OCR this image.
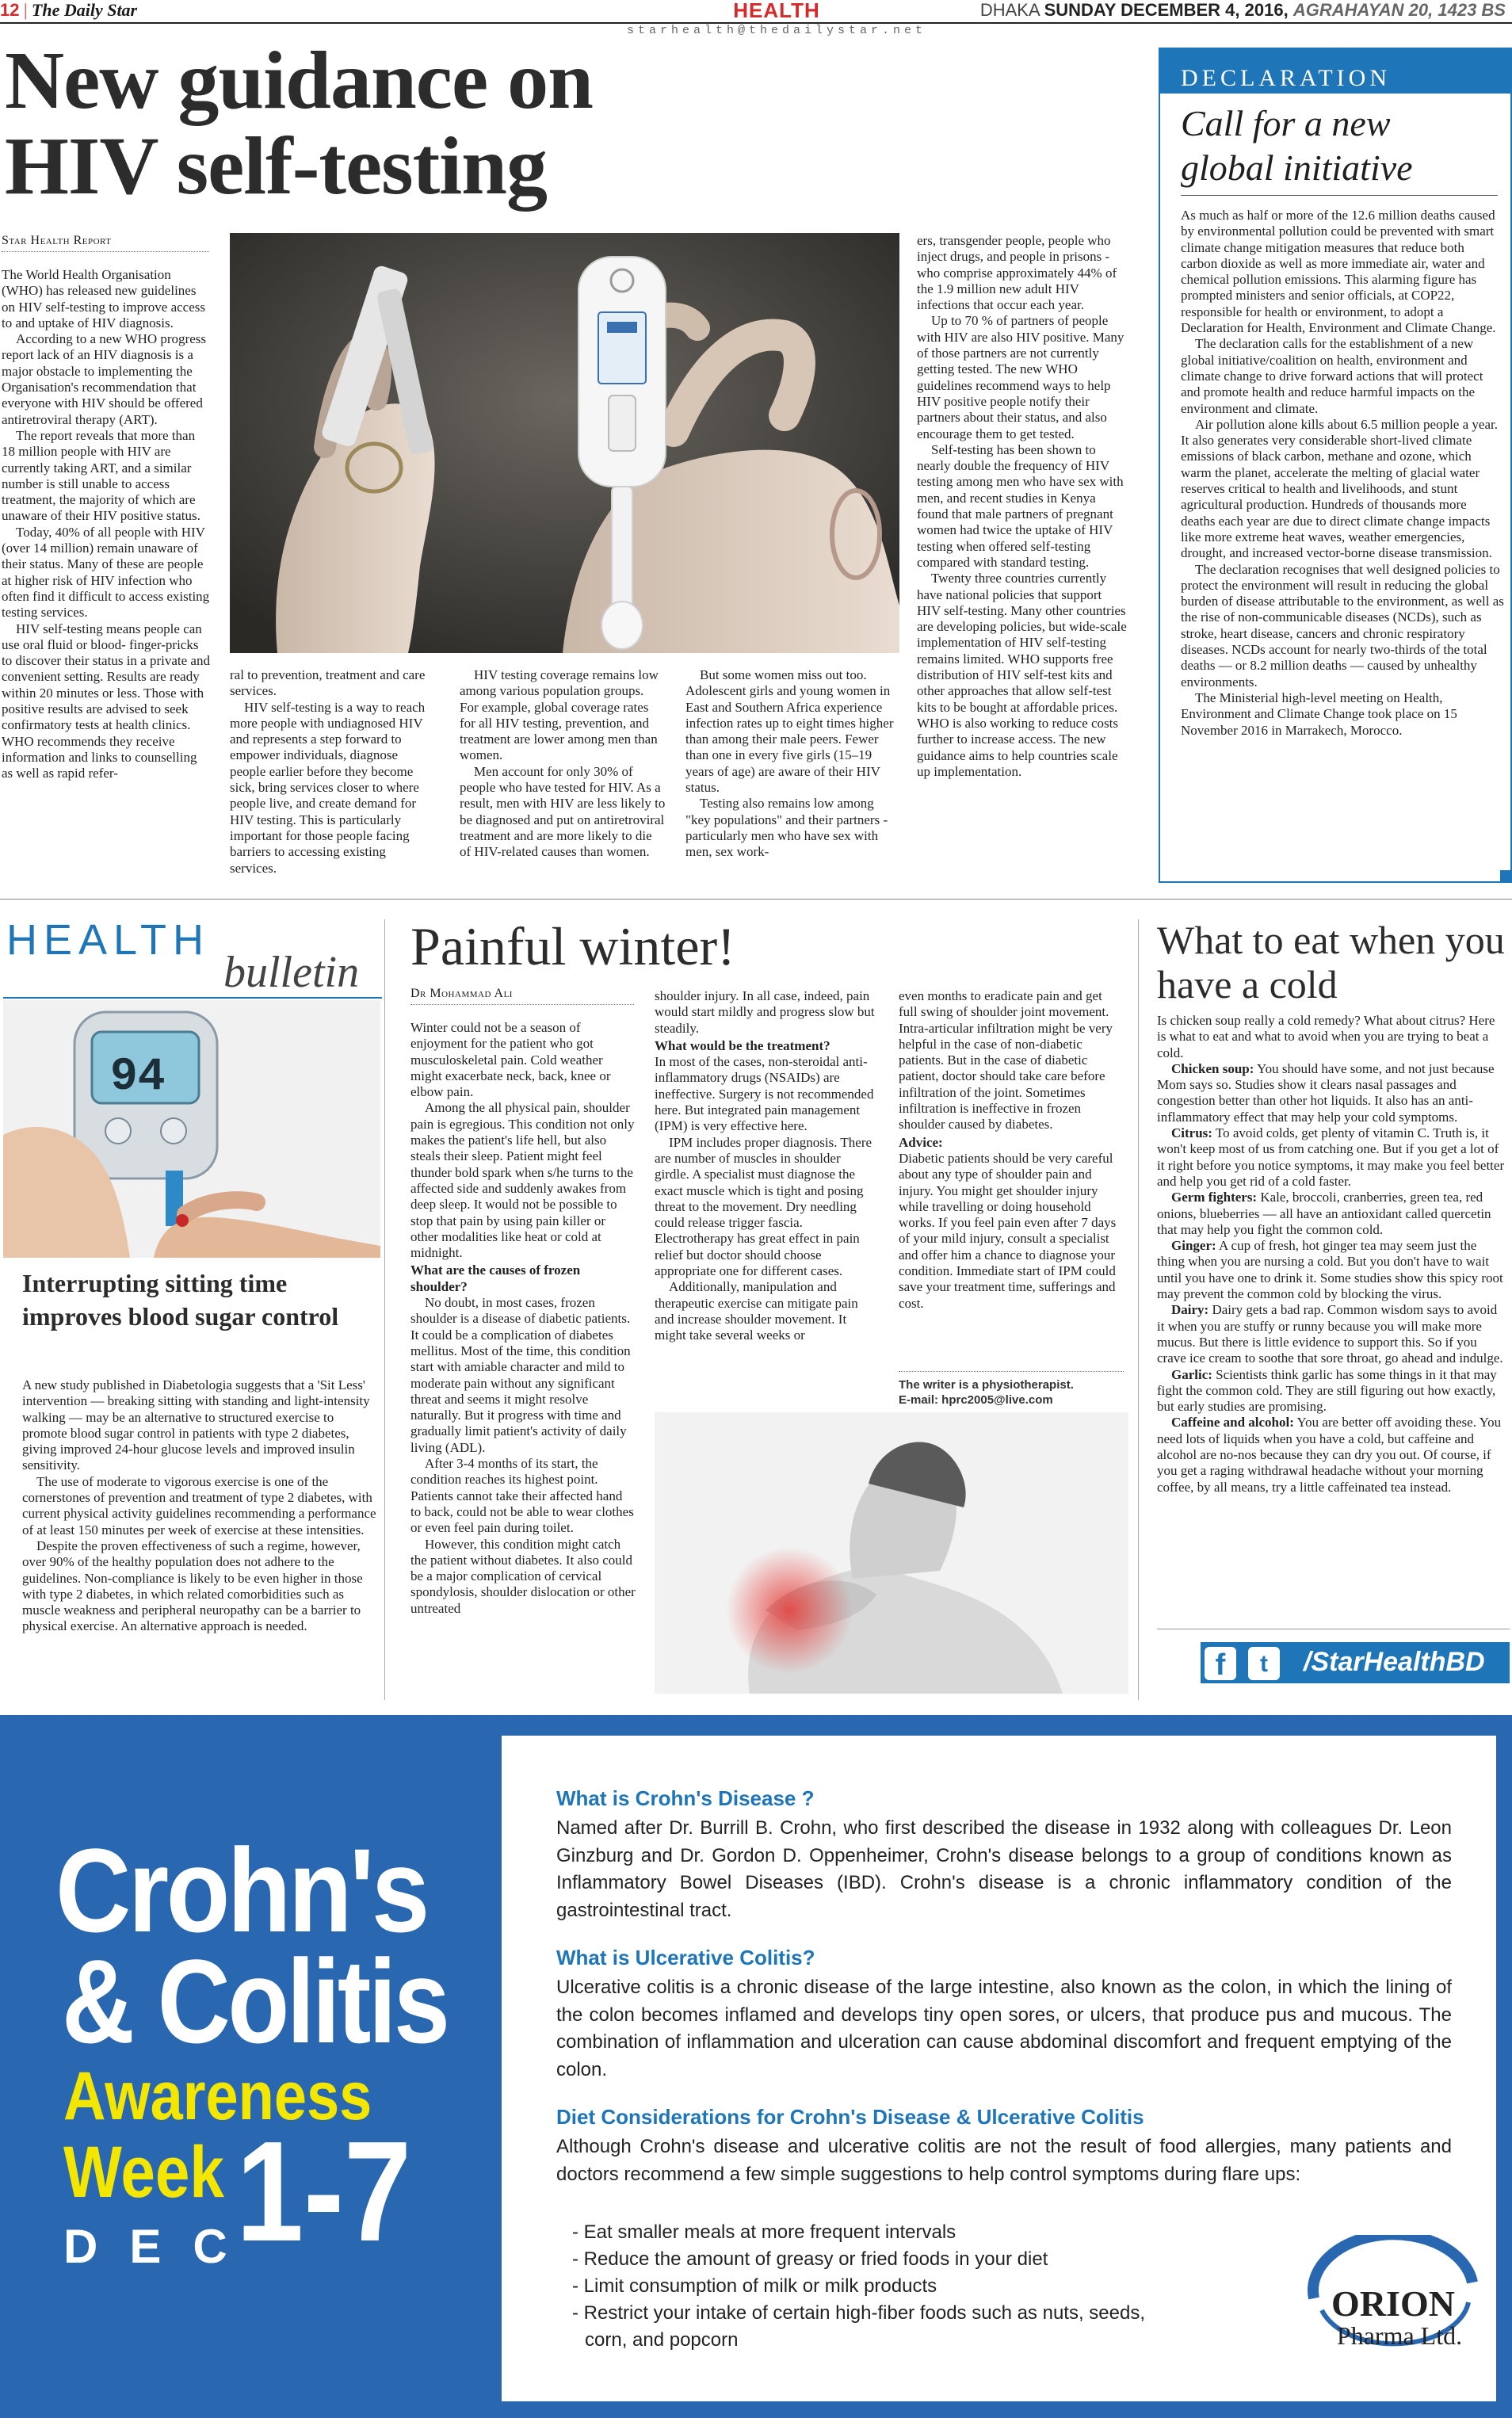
12 | The Daily Star	HEALTH
starhealth@thedailystar.net
DHAKA SUNDAY DECEMBER 4, 2016, AGRAHAYAN 20, 1423 BS
New guidance on
HIV self-testing
Star Health Report

The World Health Organisation (WHO) has released new guidelines on HIV self-testing to improve access to and uptake of HIV diagnosis.

According to a new WHO progress report lack of an HIV diagnosis is a major obstacle to implementing the Organisation's recommendation that everyone with HIV should be offered antiretroviral therapy (ART).

The report reveals that more than 18 million people with HIV are currently taking ART, and a similar number is still unable to access treatment, the majority of which are unaware of their HIV positive status.

Today, 40% of all people with HIV (over 14 million) remain unaware of their status. Many of these are people at higher risk of HIV infection who often find it difficult to access existing testing services.

HIV self-testing means people can use oral fluid or blood- finger-pricks to discover their status in a private and convenient setting. Results are ready within 20 minutes or less. Those with positive results are advised to seek confirmatory tests at health clinics. WHO recommends they receive information and links to counselling as well as rapid refer-

ral to prevention, treatment and care services.

HIV self-testing is a way to reach more people with undiagnosed HIV and represents a step forward to empower individuals, diagnose people earlier before they become sick, bring services closer to where people live, and create demand for HIV testing. This is particularly important for those people facing barriers to accessing existing services.

HIV testing coverage remains low among various population groups. For example, global coverage rates for all HIV testing, prevention, and treatment are lower among men than women.

Men account for only 30% of people who have tested for HIV. As a result, men with HIV are less likely to be diagnosed and put on antiretroviral treatment and are more likely to die of HIV-related causes than women.

But some women miss out too. Adolescent girls and young women in East and Southern Africa experience infection rates up to eight times higher than among their male peers. Fewer than one in every five girls (15–19 years of age) are aware of their HIV status.

Testing also remains low among "key populations" and their partners - particularly men who have sex with men, sex work-

ers, transgender people, people who inject drugs, and people in prisons - who comprise approximately 44% of the 1.9 million new adult HIV infections that occur each year.

Up to 70 % of partners of people with HIV are also HIV positive. Many of those partners are not currently getting tested. The new WHO guidelines recommend ways to help HIV positive people notify their partners about their status, and also encourage them to get tested.

Self-testing has been shown to nearly double the frequency of HIV testing among men who have sex with men, and recent studies in Kenya found that male partners of pregnant women had twice the uptake of HIV testing when offered self-testing compared with standard testing.

Twenty three countries currently have national policies that support HIV self-testing. Many other countries are developing policies, but wide-scale implementation of HIV self-testing remains limited. WHO supports free distribution of HIV self-test kits and other approaches that allow self-test kits to be bought at affordable prices. WHO is also working to reduce costs further to increase access. The new guidance aims to help countries scale up implementation.

DECLARATION
Call for a new
global initiative

As much as half or more of the 12.6 million deaths caused by environmental pollution could be prevented with smart climate change mitigation measures that reduce both carbon dioxide as well as more immediate air, water and chemical pollution emissions. This alarming figure has prompted ministers and senior officials, at COP22, responsible for health or environment, to adopt a Declaration for Health, Environment and Climate Change.

The declaration calls for the establishment of a new global initiative/coalition on health, environment and climate change to drive forward actions that will protect and promote health and reduce harmful impacts on the environment and climate.

Air pollution alone kills about 6.5 million people a year. It also generates very considerable short-lived climate emissions of black carbon, methane and ozone, which warm the planet, accelerate the melting of glacial water reserves critical to health and livelihoods, and stunt agricultural production. Hundreds of thousands more deaths each year are due to direct climate change impacts like more extreme heat waves, weather emergencies, drought, and increased vector-borne disease transmission.

The declaration recognises that well designed policies to protect the environment will result in reducing the global burden of disease attributable to the environment, as well as the rise of non-communicable diseases (NCDs), such as stroke, heart disease, cancers and chronic respiratory diseases. NCDs account for nearly two-thirds of the total deaths — or 8.2 million deaths — caused by unhealthy environments.

The Ministerial high-level meeting on Health, Environment and Climate Change took place on 15 November 2016 in Marrakech, Morocco.

HEALTH
bulletin
94
Interrupting sitting time improves blood sugar control

A new study published in Diabetologia suggests that a 'Sit Less' intervention — breaking sitting with standing and light-intensity walking — may be an alternative to structured exercise to promote blood sugar control in patients with type 2 diabetes, giving improved 24-hour glucose levels and improved insulin sensitivity.

The use of moderate to vigorous exercise is one of the cornerstones of prevention and treatment of type 2 diabetes, with current physical activity guidelines recommending a performance of at least 150 minutes per week of exercise at these intensities.

Despite the proven effectiveness of such a regime, however, over 90% of the healthy population does not adhere to the guidelines. Non-compliance is likely to be even higher in those with type 2 diabetes, in which related comorbidities such as muscle weakness and peripheral neuropathy can be a barrier to physical exercise. An alternative approach is needed.

Painful winter!
Dr Mohammad Ali

Winter could not be a season of enjoyment for the patient who got musculoskeletal pain. Cold weather might exacerbate neck, back, knee or elbow pain.

Among the all physical pain, shoulder pain is egregious. This condition not only makes the patient's life hell, but also steals their sleep. Patient might feel thunder bold spark when s/he turns to the affected side and suddenly awakes from deep sleep. It would not be possible to stop that pain by using pain killer or other modalities like heat or cold at midnight.

What are the causes of frozen shoulder?

No doubt, in most cases, frozen shoulder is a disease of diabetic patients. It could be a complication of diabetes mellitus. Most of the time, this condition start with amiable character and mild to moderate pain without any significant threat and seems it might resolve naturally. But it progress with time and gradually limit patient's activity of daily living (ADL).

After 3-4 months of its start, the condition reaches its highest point. Patients cannot take their affected hand to back, could not be able to wear clothes or even feel pain during toilet.

However, this condition might catch the patient without diabetes. It also could be a major complication of cervical spondylosis, shoulder dislocation or other untreated

shoulder injury. In all case, indeed, pain would start mildly and progress slow but steadily.

What would be the treatment?

In most of the cases, non-steroidal anti-inflammatory drugs (NSAIDs) are ineffective. Surgery is not recommended here. But integrated pain management (IPM) is very effective here.

IPM includes proper diagnosis. There are number of muscles in shoulder girdle. A specialist must diagnose the exact muscle which is tight and posing threat to the movement. Dry needling could release trigger fascia. Electrotherapy has great effect in pain relief but doctor should choose appropriate one for different cases.

Additionally, manipulation and therapeutic exercise can mitigate pain and increase shoulder movement. It might take several weeks or

even months to eradicate pain and get full swing of shoulder joint movement. Intra-articular infiltration might be very helpful in the case of non-diabetic patients. But in the case of diabetic patient, doctor should take care before infiltration of the joint. Sometimes infiltration is ineffective in frozen shoulder caused by diabetes.

Advice:

Diabetic patients should be very careful about any type of shoulder pain and injury. You might get shoulder injury while travelling or doing household works. If you feel pain even after 7 days of your mild injury, consult a specialist and offer him a chance to diagnose your condition. Immediate start of IPM could save your treatment time, sufferings and cost.

The writer is a physiotherapist.
E-mail: hprc2005@live.com
What to eat when you have a cold

Is chicken soup really a cold remedy? What about citrus? Here is what to eat and what to avoid when you are trying to beat a cold.

Chicken soup: You should have some, and not just because Mom says so. Studies show it clears nasal passages and congestion better than other hot liquids. It also has an anti-inflammatory effect that may help your cold symptoms.

Citrus: To avoid colds, get plenty of vitamin C. Truth is, it won't keep most of us from catching one. But if you get a lot of it right before you notice symptoms, it may make you feel better and help you get rid of a cold faster.

Germ fighters: Kale, broccoli, cranberries, green tea, red onions, blueberries — all have an antioxidant called quercetin that may help you fight the common cold.

Ginger: A cup of fresh, hot ginger tea may seem just the thing when you are nursing a cold. But you don't have to wait until you have one to drink it. Some studies show this spicy root may prevent the common cold by blocking the virus.

Dairy: Dairy gets a bad rap. Common wisdom says to avoid it when you are stuffy or runny because you will make more mucus. But there is little evidence to support this. So if you crave ice cream to soothe that sore throat, go ahead and indulge.

Garlic: Scientists think garlic has some things in it that may fight the common cold. They are still figuring out how exactly, but early studies are promising.

Caffeine and alcohol: You are better off avoiding these. You need lots of liquids when you have a cold, but caffeine and alcohol are no-nos because they can dry you out. Of course, if you get a raging withdrawal headache without your morning coffee, by all means, try a little caffeinated tea instead.

f	t	/StarHealthBD
Crohn's
& Colitis
Awareness
Week 1-7
DEC
What is Crohn's Disease ?
Named after Dr. Burrill B. Crohn, who first described the disease in 1932 along with colleagues Dr. Leon Ginzburg and Dr. Gordon D. Oppenheimer, Crohn's disease belongs to a group of conditions known as Inflammatory Bowel Diseases (IBD). Crohn's disease is a chronic inflammatory condition of the gastrointestinal tract.
What is Ulcerative Colitis?
Ulcerative colitis is a chronic disease of the large intestine, also known as the colon, in which the lining of the colon becomes inflamed and develops tiny open sores, or ulcers, that produce pus and mucous. The combination of inflammation and ulceration can cause abdominal discomfort and frequent emptying of the colon.
Diet Considerations for Crohn's Disease & Ulcerative Colitis
Although Crohn's disease and ulcerative colitis are not the result of food allergies, many patients and doctors recommend a few simple suggestions to help control symptoms during flare ups:
- Eat smaller meals at more frequent intervals
- Reduce the amount of greasy or fried foods in your diet
- Limit consumption of milk or milk products
- Restrict your intake of certain high-fiber foods such as nuts, seeds,
corn, and popcorn
ORION
Pharma Ltd.
